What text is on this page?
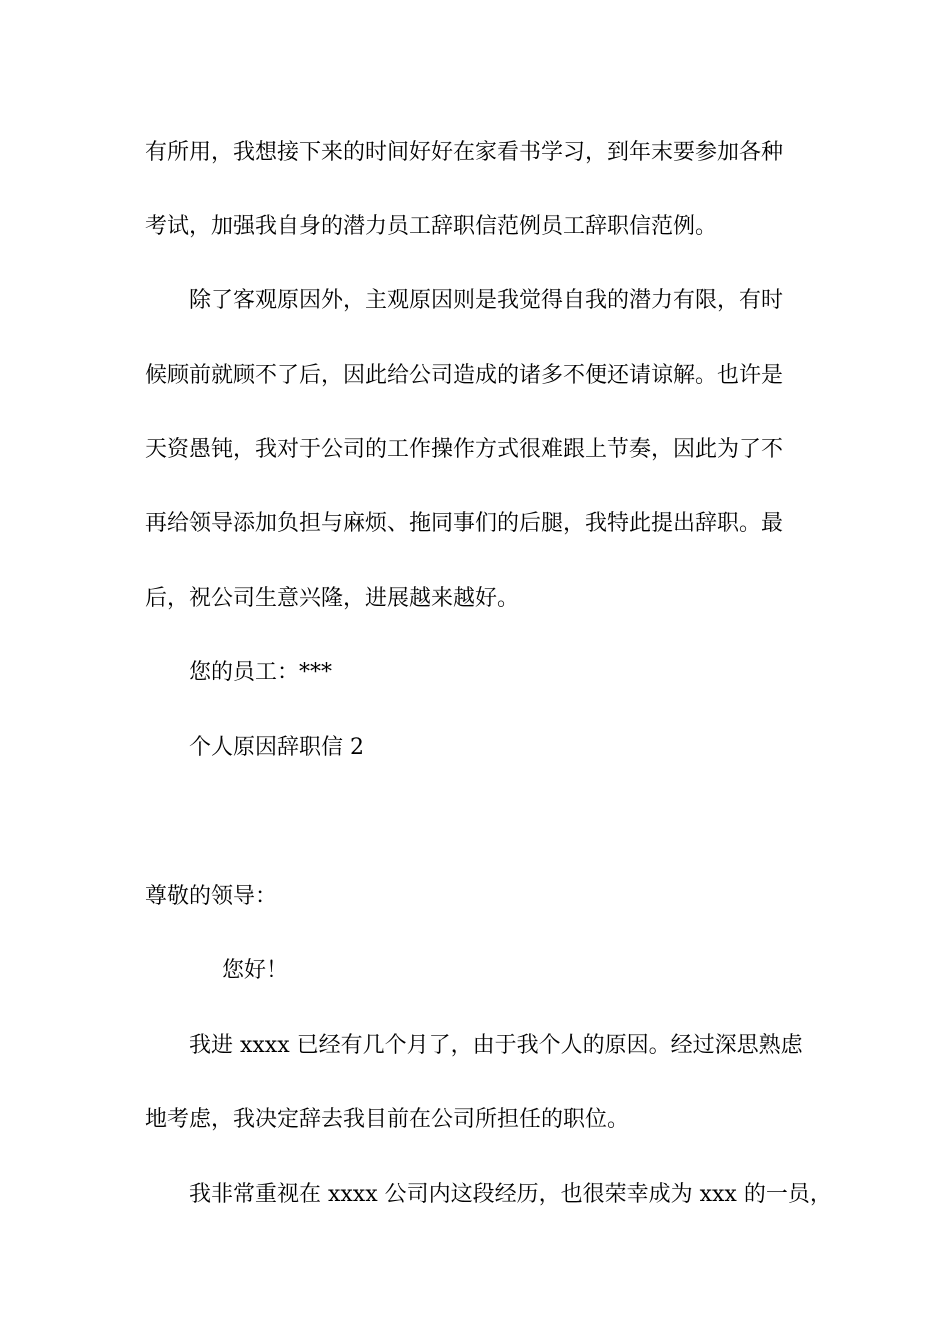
有所用，我想接下来的时间好好在家看书学习，到年末要参加各种
考试，加强我自身的潜力员工辞职信范例员工辞职信范例。
除了客观原因外，主观原因则是我觉得自我的潜力有限，有时
候顾前就顾不了后，因此给公司造成的诸多不便还请谅解。也许是
天资愚钝，我对于公司的工作操作方式很难跟上节奏，因此为了不
再给领导添加负担与麻烦、拖同事们的后腿，我特此提出辞职。最
后，祝公司生意兴隆，进展越来越好。
您的员工：***
个人原因辞职信 2
尊敬的领导：
您好！
我进 xxxx 已经有几个月了，由于我个人的原因。经过深思熟虑
地考虑，我决定辞去我目前在公司所担任的职位。
我非常重视在 xxxx 公司内这段经历，也很荣幸成为 xxx 的一员，
